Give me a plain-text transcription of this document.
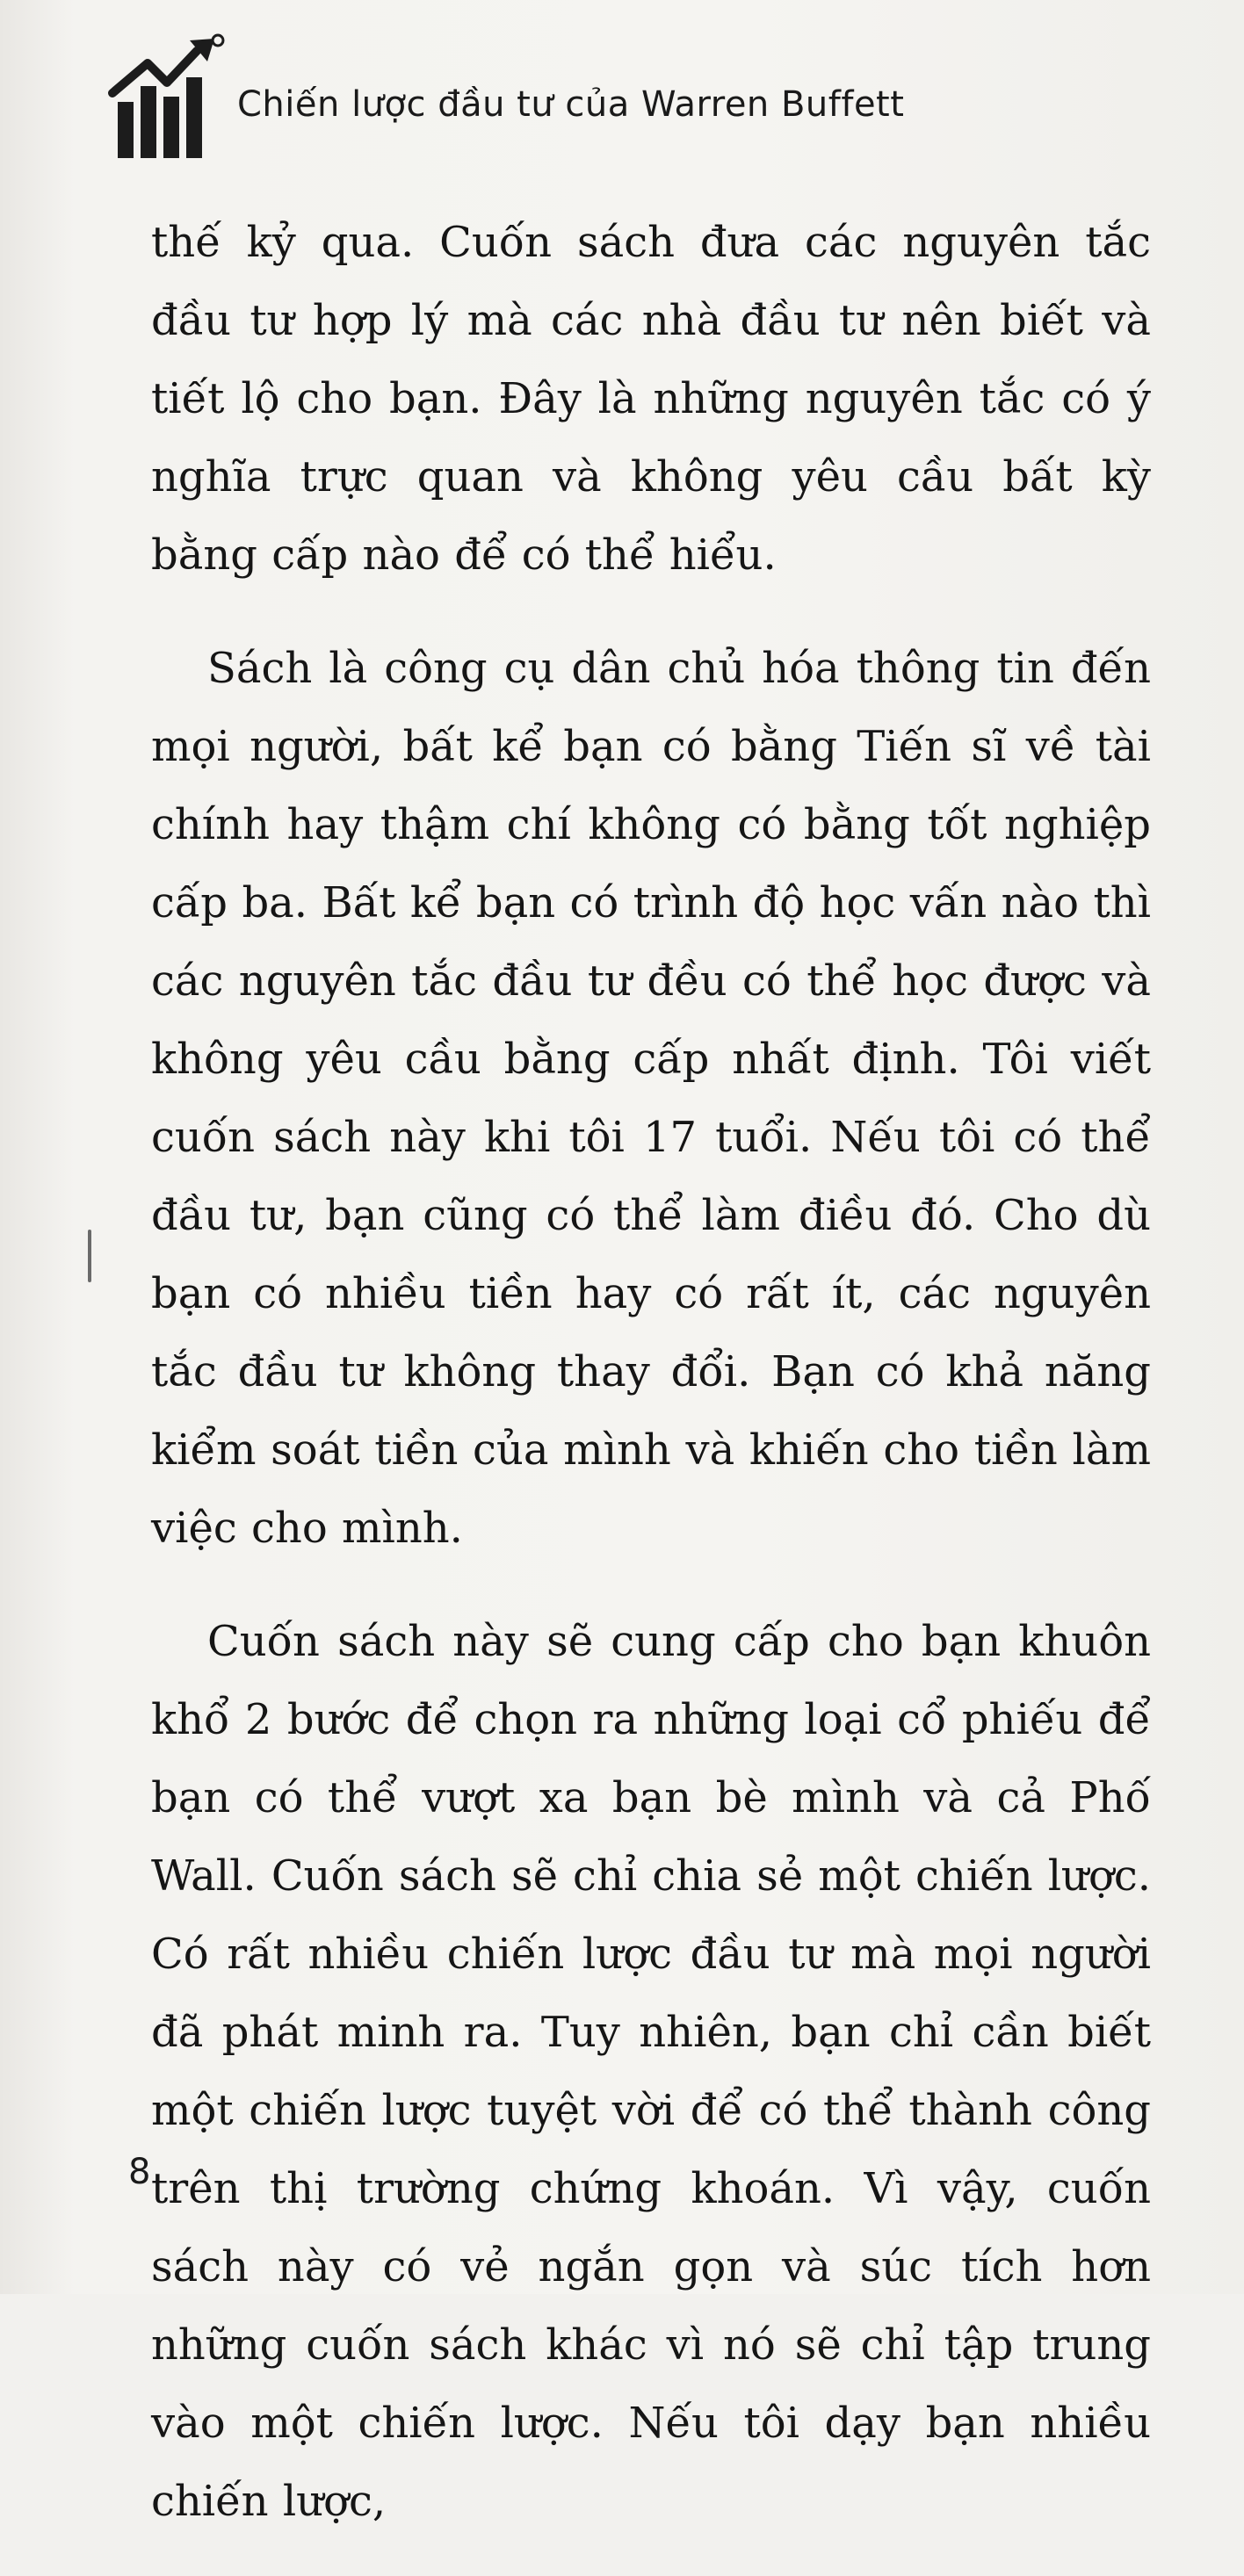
Chiến lược đầu tư của Warren Buffett

thế kỷ qua. Cuốn sách đưa các nguyên tắc đầu tư hợp lý mà các nhà đầu tư nên biết và tiết lộ cho bạn. Đây là những nguyên tắc có ý nghĩa trực quan và không yêu cầu bất kỳ bằng cấp nào để có thể hiểu.

Sách là công cụ dân chủ hóa thông tin đến mọi người, bất kể bạn có bằng Tiến sĩ về tài chính hay thậm chí không có bằng tốt nghiệp cấp ba. Bất kể bạn có trình độ học vấn nào thì các nguyên tắc đầu tư đều có thể học được và không yêu cầu bằng cấp nhất định. Tôi viết cuốn sách này khi tôi 17 tuổi. Nếu tôi có thể đầu tư, bạn cũng có thể làm điều đó. Cho dù bạn có nhiều tiền hay có rất ít, các nguyên tắc đầu tư không thay đổi. Bạn có khả năng kiểm soát tiền của mình và khiến cho tiền làm việc cho mình.

Cuốn sách này sẽ cung cấp cho bạn khuôn khổ 2 bước để chọn ra những loại cổ phiếu để bạn có thể vượt xa bạn bè mình và cả Phố Wall. Cuốn sách sẽ chỉ chia sẻ một chiến lược. Có rất nhiều chiến lược đầu tư mà mọi người đã phát minh ra. Tuy nhiên, bạn chỉ cần biết một chiến lược tuyệt vời để có thể thành công trên thị trường chứng khoán. Vì vậy, cuốn sách này có vẻ ngắn gọn và súc tích hơn những cuốn sách khác vì nó sẽ chỉ tập trung vào một chiến lược. Nếu tôi dạy bạn nhiều chiến lược,

8
